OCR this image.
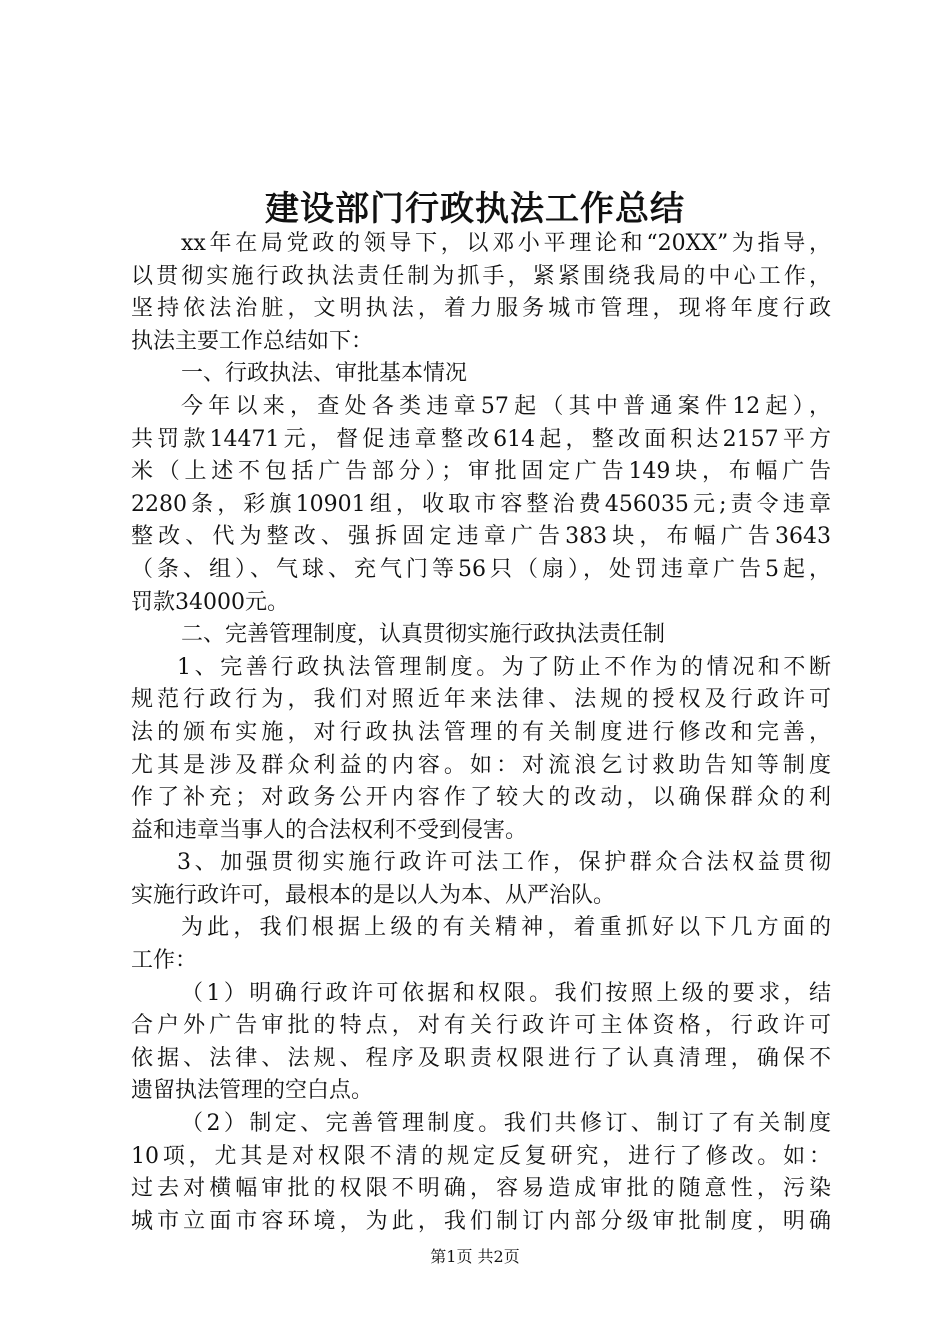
建设部门行政执法工作总结
xx年在局党政的领导下，以邓小平理论和“20XX”为指导，
以贯彻实施行政执法责任制为抓手，紧紧围绕我局的中心工作，
坚持依法治脏，文明执法，着力服务城市管理，现将年度行政
执法主要工作总结如下：
一、行政执法、审批基本情况
今年以来，查处各类违章57起（其中普通案件12起），
共罚款14471元，督促违章整改614起，整改面积达2157平方
米（上述不包括广告部分）；审批固定广告149块，布幅广告
2280条，彩旗10901组，收取市容整治费456035元;责令违章
整改、代为整改、强拆固定违章广告383块，布幅广告3643
（条、组）、气球、充气门等56只（扇），处罚违章广告5起，
罚款34000元。
二、完善管理制度，认真贯彻实施行政执法责任制
1、完善行政执法管理制度。为了防止不作为的情况和不断
规范行政行为，我们对照近年来法律、法规的授权及行政许可
法的颁布实施，对行政执法管理的有关制度进行修改和完善，
尤其是涉及群众利益的内容。如：对流浪乞讨救助告知等制度
作了补充；对政务公开内容作了较大的改动，以确保群众的利
益和违章当事人的合法权利不受到侵害。
3、加强贯彻实施行政许可法工作，保护群众合法权益贯彻
实施行政许可，最根本的是以人为本、从严治队。
为此，我们根据上级的有关精神，着重抓好以下几方面的
工作：
（1）明确行政许可依据和权限。我们按照上级的要求，结
合户外广告审批的特点，对有关行政许可主体资格，行政许可
依据、法律、法规、程序及职责权限进行了认真清理，确保不
遗留执法管理的空白点。
（2）制定、完善管理制度。我们共修订、制订了有关制度
10项，尤其是对权限不清的规定反复研究，进行了修改。如：
过去对横幅审批的权限不明确，容易造成审批的随意性，污染
城市立面市容环境，为此，我们制订内部分级审批制度，明确
第1页 共2页
